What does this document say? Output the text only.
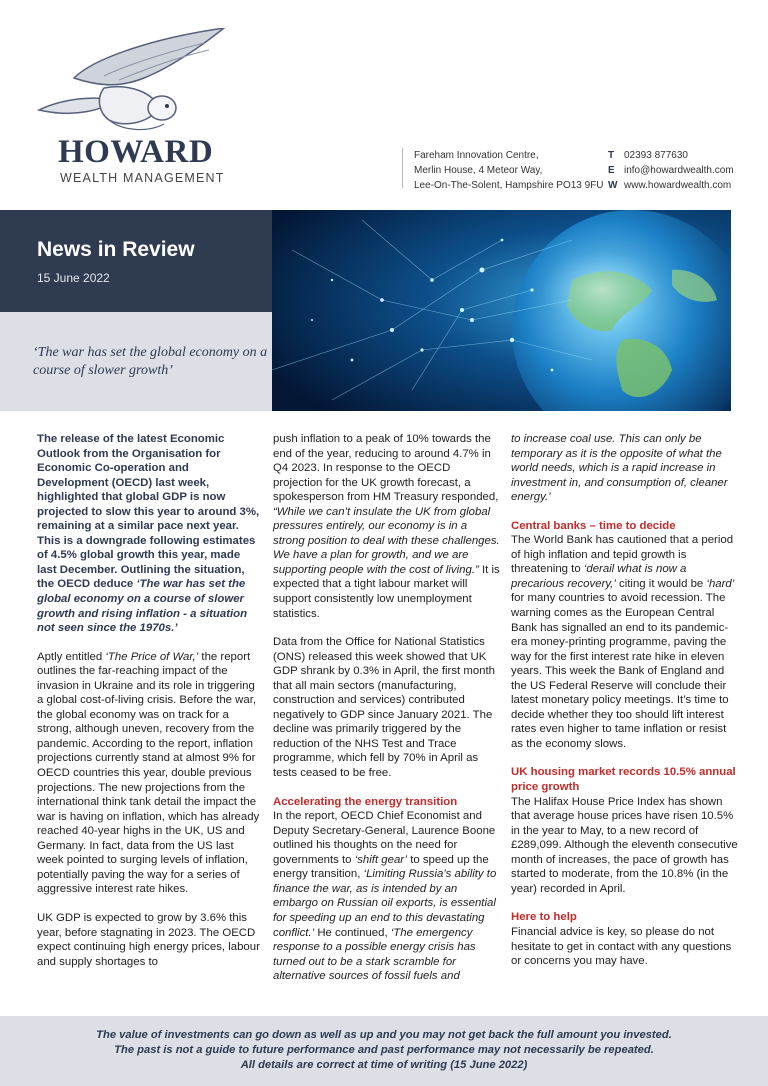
HOWARD
WEALTH MANAGEMENT
Fareham Innovation Centre,
Merlin House, 4 Meteor Way,
Lee-On-The-Solent, Hampshire PO13 9FU
T
E
W
02393 877630
info@howardwealth.com
www.howardwealth.com
News in Review
15 June 2022
‘The war has set the global economy on a course of slower growth’

The release of the latest Economic Outlook from the Organisation for Economic Co-operation and Development (OECD) last week, highlighted that global GDP is now projected to slow this year to around 3%, remaining at a similar pace next year. This is a downgrade following estimates of 4.5% global growth this year, made last December. Outlining the situation, the OECD deduce ‘The war has set the global economy on a course of slower growth and rising inflation - a situation not seen since the 1970s.’

Aptly entitled ‘The Price of War,’ the report outlines the far-reaching impact of the invasion in Ukraine and its role in triggering a global cost-of-living crisis. Before the war, the global economy was on track for a strong, although uneven, recovery from the pandemic. According to the report, inflation projections currently stand at almost 9% for OECD countries this year, double previous projections. The new projections from the international think tank detail the impact the war is having on inflation, which has already reached 40-year highs in the UK, US and Germany. In fact, data from the US last week pointed to surging levels of inflation, potentially paving the way for a series of aggressive interest rate hikes.

UK GDP is expected to grow by 3.6% this year, before stagnating in 2023. The OECD expect continuing high energy prices, labour and supply shortages to

push inflation to a peak of 10% towards the end of the year, reducing to around 4.7% in Q4 2023. In response to the OECD projection for the UK growth forecast, a spokesperson from HM Treasury responded, “While we can’t insulate the UK from global pressures entirely, our economy is in a strong position to deal with these challenges. We have a plan for growth, and we are supporting people with the cost of living.” It is expected that a tight labour market will support consistently low unemployment statistics.

Data from the Office for National Statistics (ONS) released this week showed that UK GDP shrank by 0.3% in April, the first month that all main sectors (manufacturing, construction and services) contributed negatively to GDP since January 2021. The decline was primarily triggered by the reduction of the NHS Test and Trace programme, which fell by 70% in April as tests ceased to be free.

Accelerating the energy transition

In the report, OECD Chief Economist and Deputy Secretary-General, Laurence Boone outlined his thoughts on the need for governments to ‘shift gear’ to speed up the energy transition, ‘Limiting Russia’s ability to finance the war, as is intended by an embargo on Russian oil exports, is essential for speeding up an end to this devastating conflict.’ He continued, ‘The emergency response to a possible energy crisis has turned out to be a stark scramble for alternative sources of fossil fuels and

to increase coal use. This can only be temporary as it is the opposite of what the world needs, which is a rapid increase in investment in, and consumption of, cleaner energy.’

Central banks – time to decide

The World Bank has cautioned that a period of high inflation and tepid growth is threatening to ‘derail what is now a precarious recovery,’ citing it would be ‘hard’ for many countries to avoid recession. The warning comes as the European Central Bank has signalled an end to its pandemic-era money-printing programme, paving the way for the first interest rate hike in eleven years. This week the Bank of England and the US Federal Reserve will conclude their latest monetary policy meetings. It’s time to decide whether they too should lift interest rates even higher to tame inflation or resist as the economy slows.

UK housing market records 10.5% annual price growth

The Halifax House Price Index has shown that average house prices have risen 10.5% in the year to May, to a new record of £289,099. Although the eleventh consecutive month of increases, the pace of growth has started to moderate, from the 10.8% (in the year) recorded in April.

Here to help

Financial advice is key, so please do not hesitate to get in contact with any questions or concerns you may have.

The value of investments can go down as well as up and you may not get back the full amount you invested.
The past is not a guide to future performance and past performance may not necessarily be repeated.
All details are correct at time of writing (15 June 2022)
